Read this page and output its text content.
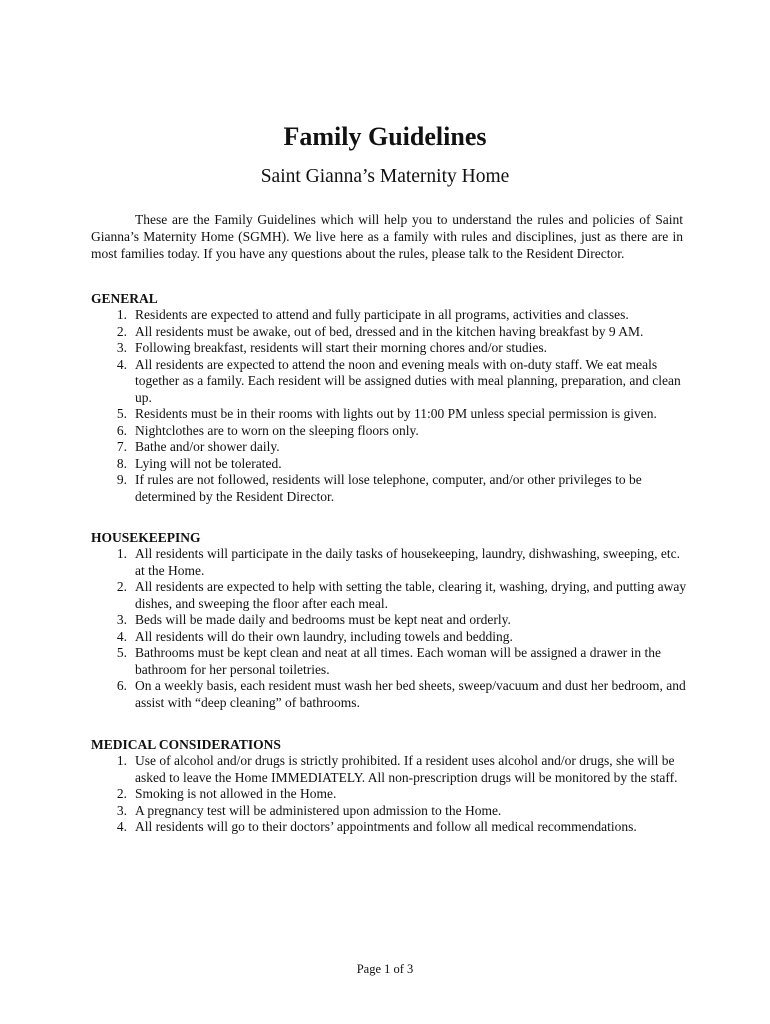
Family Guidelines

Saint Gianna’s Maternity Home

These are the Family Guidelines which will help you to understand the rules and policies of Saint Gianna’s Maternity Home (SGMH). We live here as a family with rules and disciplines, just as there are in most families today. If you have any questions about the rules, please talk to the Resident Director.

GENERAL

1. Residents are expected to attend and fully participate in all programs, activities and classes.
2. All residents must be awake, out of bed, dressed and in the kitchen having breakfast by 9 AM.
3. Following breakfast, residents will start their morning chores and/or studies.
4. All residents are expected to attend the noon and evening meals with on-duty staff. We eat meals together as a family. Each resident will be assigned duties with meal planning, preparation, and clean up.
5. Residents must be in their rooms with lights out by 11:00 PM unless special permission is given.
6. Nightclothes are to worn on the sleeping floors only.
7. Bathe and/or shower daily.
8. Lying will not be tolerated.
9. If rules are not followed, residents will lose telephone, computer, and/or other privileges to be determined by the Resident Director.

HOUSEKEEPING

1. All residents will participate in the daily tasks of housekeeping, laundry, dishwashing, sweeping, etc. at the Home.
2. All residents are expected to help with setting the table, clearing it, washing, drying, and putting away dishes, and sweeping the floor after each meal.
3. Beds will be made daily and bedrooms must be kept neat and orderly.
4. All residents will do their own laundry, including towels and bedding.
5. Bathrooms must be kept clean and neat at all times. Each woman will be assigned a drawer in the bathroom for her personal toiletries.
6. On a weekly basis, each resident must wash her bed sheets, sweep/vacuum and dust her bedroom, and assist with “deep cleaning” of bathrooms.

MEDICAL CONSIDERATIONS

1. Use of alcohol and/or drugs is strictly prohibited. If a resident uses alcohol and/or drugs, she will be asked to leave the Home IMMEDIATELY. All non-prescription drugs will be monitored by the staff.
2. Smoking is not allowed in the Home.
3. A pregnancy test will be administered upon admission to the Home.
4. All residents will go to their doctors’ appointments and follow all medical recommendations.

Page 1 of 3
